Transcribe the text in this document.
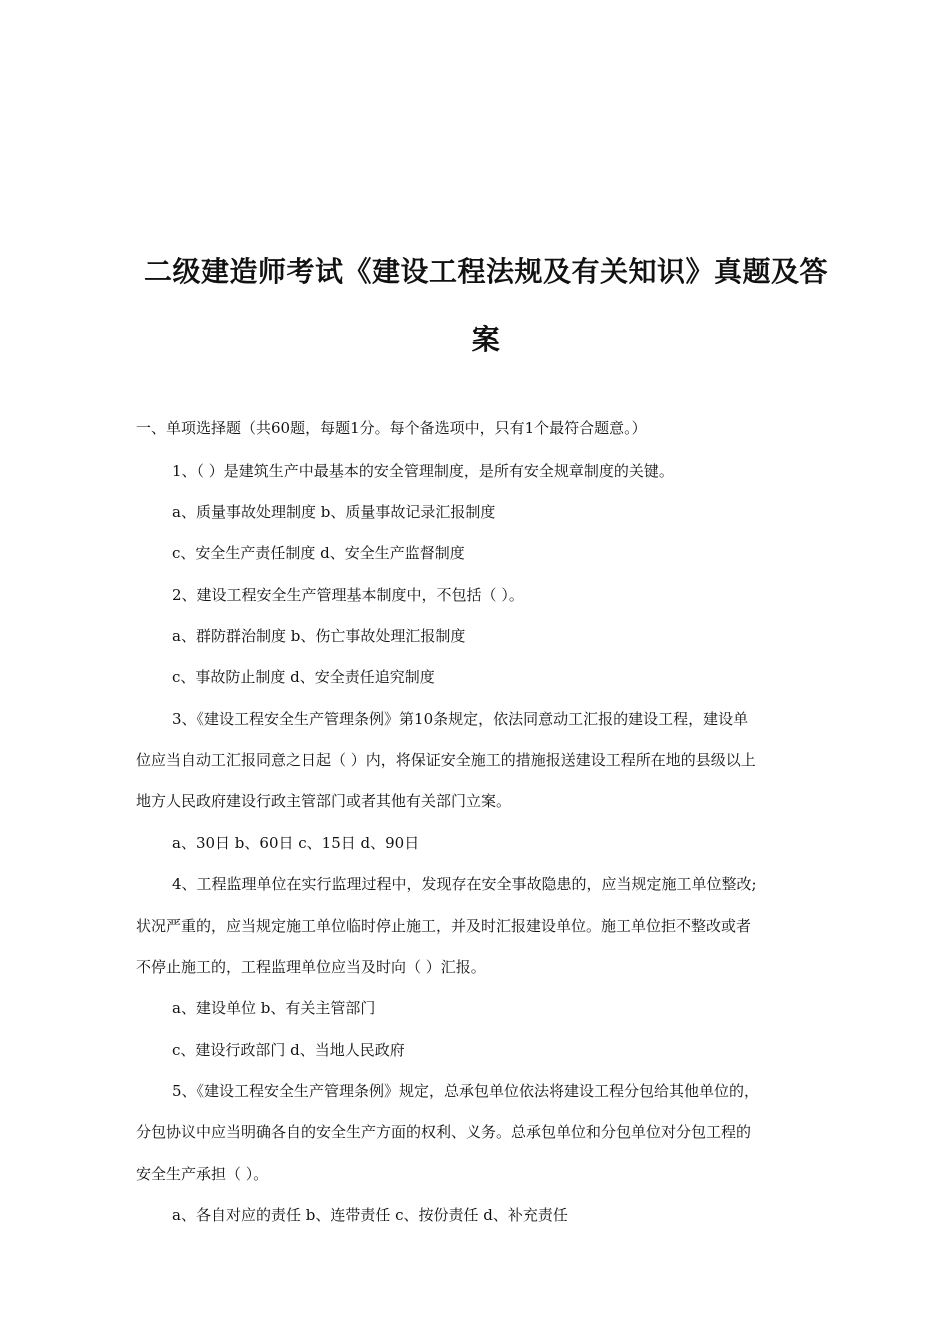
二级建造师考试《建设工程法规及有关知识》真题及答
案
一、单项选择题（共60题，每题1分。每个备选项中，只有1个最符合题意。）
1、（ ）是建筑生产中最基本的安全管理制度，是所有安全规章制度的关键。
a、质量事故处理制度 b、质量事故记录汇报制度
c、安全生产责任制度 d、安全生产监督制度
2、建设工程安全生产管理基本制度中，不包括（ ）。
a、群防群治制度 b、伤亡事故处理汇报制度
c、事故防止制度 d、安全责任追究制度
3、《建设工程安全生产管理条例》第10条规定，依法同意动工汇报的建设工程，建设单
位应当自动工汇报同意之日起（ ）内，将保证安全施工的措施报送建设工程所在地的县级以上
地方人民政府建设行政主管部门或者其他有关部门立案。
a、30日 b、60日 c、15日 d、90日
4、工程监理单位在实行监理过程中，发现存在安全事故隐患的，应当规定施工单位整改;
状况严重的，应当规定施工单位临时停止施工，并及时汇报建设单位。施工单位拒不整改或者
不停止施工的，工程监理单位应当及时向（ ）汇报。
a、建设单位 b、有关主管部门
c、建设行政部门 d、当地人民政府
5、《建设工程安全生产管理条例》规定，总承包单位依法将建设工程分包给其他单位的，
分包协议中应当明确各自的安全生产方面的权利、义务。总承包单位和分包单位对分包工程的
安全生产承担（ ）。
a、各自对应的责任 b、连带责任 c、按份责任 d、补充责任
